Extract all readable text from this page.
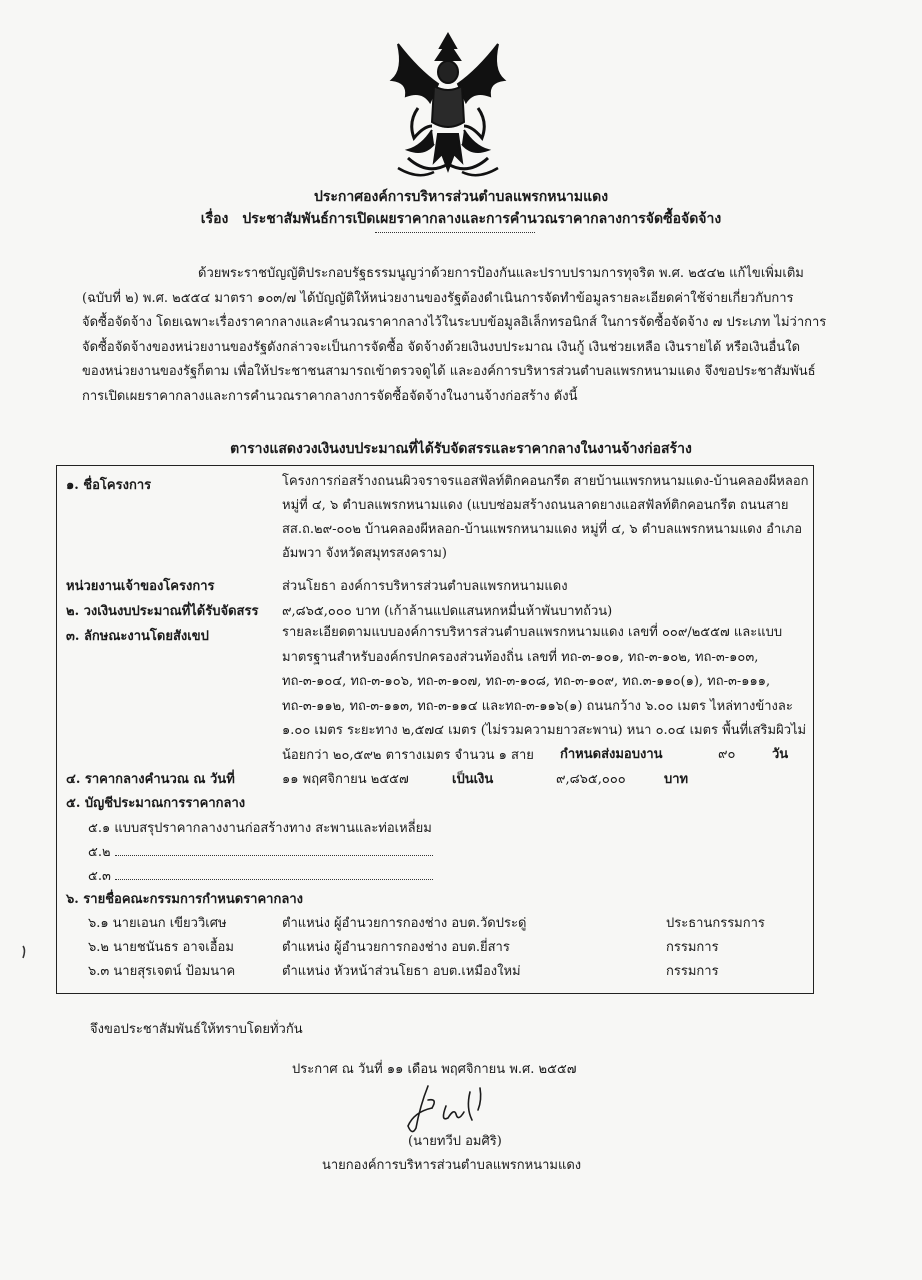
ประกาศองค์การบริหารส่วนตำบลแพรกหนามแดง
เรื่อง ประชาสัมพันธ์การเปิดเผยราคากลางและการคำนวณราคากลางการจัดซื้อจัดจ้าง
ด้วยพระราชบัญญัติประกอบรัฐธรรมนูญว่าด้วยการป้องกันและปราบปรามการทุจริต พ.ศ. ๒๕๔๒ แก้ไขเพิ่มเติม
(ฉบับที่ ๒) พ.ศ. ๒๕๕๔ มาตรา ๑๐๓/๗ ได้บัญญัติให้หน่วยงานของรัฐต้องดำเนินการจัดทำข้อมูลรายละเอียดค่าใช้จ่ายเกี่ยวกับการ
จัดซื้อจัดจ้าง โดยเฉพาะเรื่องราคากลางและคำนวณราคากลางไว้ในระบบข้อมูลอิเล็กทรอนิกส์ ในการจัดซื้อจัดจ้าง ๗ ประเภท ไม่ว่าการ
จัดซื้อจัดจ้างของหน่วยงานของรัฐดังกล่าวจะเป็นการจัดซื้อ จัดจ้างด้วยเงินงบประมาณ เงินกู้ เงินช่วยเหลือ เงินรายได้ หรือเงินอื่นใด
ของหน่วยงานของรัฐก็ตาม เพื่อให้ประชาชนสามารถเข้าตรวจดูได้ และองค์การบริหารส่วนตำบลแพรกหนามแดง จึงขอประชาสัมพันธ์
การเปิดเผยราคากลางและการคำนวณราคากลางการจัดซื้อจัดจ้างในงานจ้างก่อสร้าง ดังนี้
ตารางแสดงวงเงินงบประมาณที่ได้รับจัดสรรและราคากลางในงานจ้างก่อสร้าง
๑. ชื่อโครงการ	โครงการก่อสร้างถนนผิวจราจรแอสฟัลท์ติกคอนกรีต สายบ้านแพรกหนามแดง-บ้านคลองผีหลอก
หมู่ที่ ๔, ๖ ตำบลแพรกหนามแดง (แบบซ่อมสร้างถนนลาดยางแอสฟัลท์ติกคอนกรีต ถนนสาย
สส.ถ.๒๙-๐๐๒ บ้านคลองผีหลอก-บ้านแพรกหนามแดง หมู่ที่ ๔, ๖ ตำบลแพรกหนามแดง อำเภอ
อัมพวา จังหวัดสมุทรสงคราม)
หน่วยงานเจ้าของโครงการ	ส่วนโยธา องค์การบริหารส่วนตำบลแพรกหนามแดง
๒. วงเงินงบประมาณที่ได้รับจัดสรร ๙,๘๖๕,๐๐๐ บาท (เก้าล้านแปดแสนหกหมื่นห้าพันบาทถ้วน)
๓. ลักษณะงานโดยสังเขป	รายละเอียดตามแบบองค์การบริหารส่วนตำบลแพรกหนามแดง เลขที่ ๐๐๙/๒๕๕๗ และแบบ
มาตรฐานสำหรับองค์กรปกครองส่วนท้องถิ่น เลขที่ ทถ-๓-๑๐๑, ทถ-๓-๑๐๒, ทถ-๓-๑๐๓,
ทถ-๓-๑๐๔, ทถ-๓-๑๐๖, ทถ-๓-๑๐๗, ทถ-๓-๑๐๘, ทถ-๓-๑๐๙, ทถ.๓-๑๑๐(๑), ทถ-๓-๑๑๑,
ทถ-๓-๑๑๒, ทถ-๓-๑๑๓, ทถ-๓-๑๑๔ และทถ-๓-๑๑๖(๑) ถนนกว้าง ๖.๐๐ เมตร ไหล่ทางข้างละ
๑.๐๐ เมตร ระยะทาง ๒,๕๗๔ เมตร (ไม่รวมความยาวสะพาน) หนา ๐.๐๔ เมตร พื้นที่เสริมผิวไม่
น้อยกว่า ๒๐,๕๙๒ ตารางเมตร จำนวน ๑ สาย	กำหนดส่งมอบงาน	๙๐	วัน
๔. ราคากลางคำนวณ ณ วันที่	๑๑ พฤศจิกายน ๒๕๕๗	เป็นเงิน	๙,๘๖๕,๐๐๐	บาท
๕. บัญชีประมาณการราคากลาง
๕.๑ แบบสรุปราคากลางงานก่อสร้างทาง สะพานและท่อเหลี่ยม
๕.๒
๕.๓
๖. รายชื่อคณะกรรมการกำหนดราคากลาง
๖.๑ นายเอนก เขียววิเศษ	ตำแหน่ง ผู้อำนวยการกองช่าง อบต.วัดประดู่	ประธานกรรมการ
๖.๒ นายชนันธร อาจเอื้อม	ตำแหน่ง ผู้อำนวยการกองช่าง อบต.ยี่สาร	กรรมการ
๖.๓ นายสุรเจตน์ ป้อมนาค	ตำแหน่ง หัวหน้าส่วนโยธา อบต.เหมืองใหม่	กรรมการ
จึงขอประชาสัมพันธ์ให้ทราบโดยทั่วกัน
ประกาศ ณ วันที่ ๑๑ เดือน พฤศจิกายน พ.ศ. ๒๕๕๗
(นายทวีป อมศิริ)
นายกองค์การบริหารส่วนตำบลแพรกหนามแดง
